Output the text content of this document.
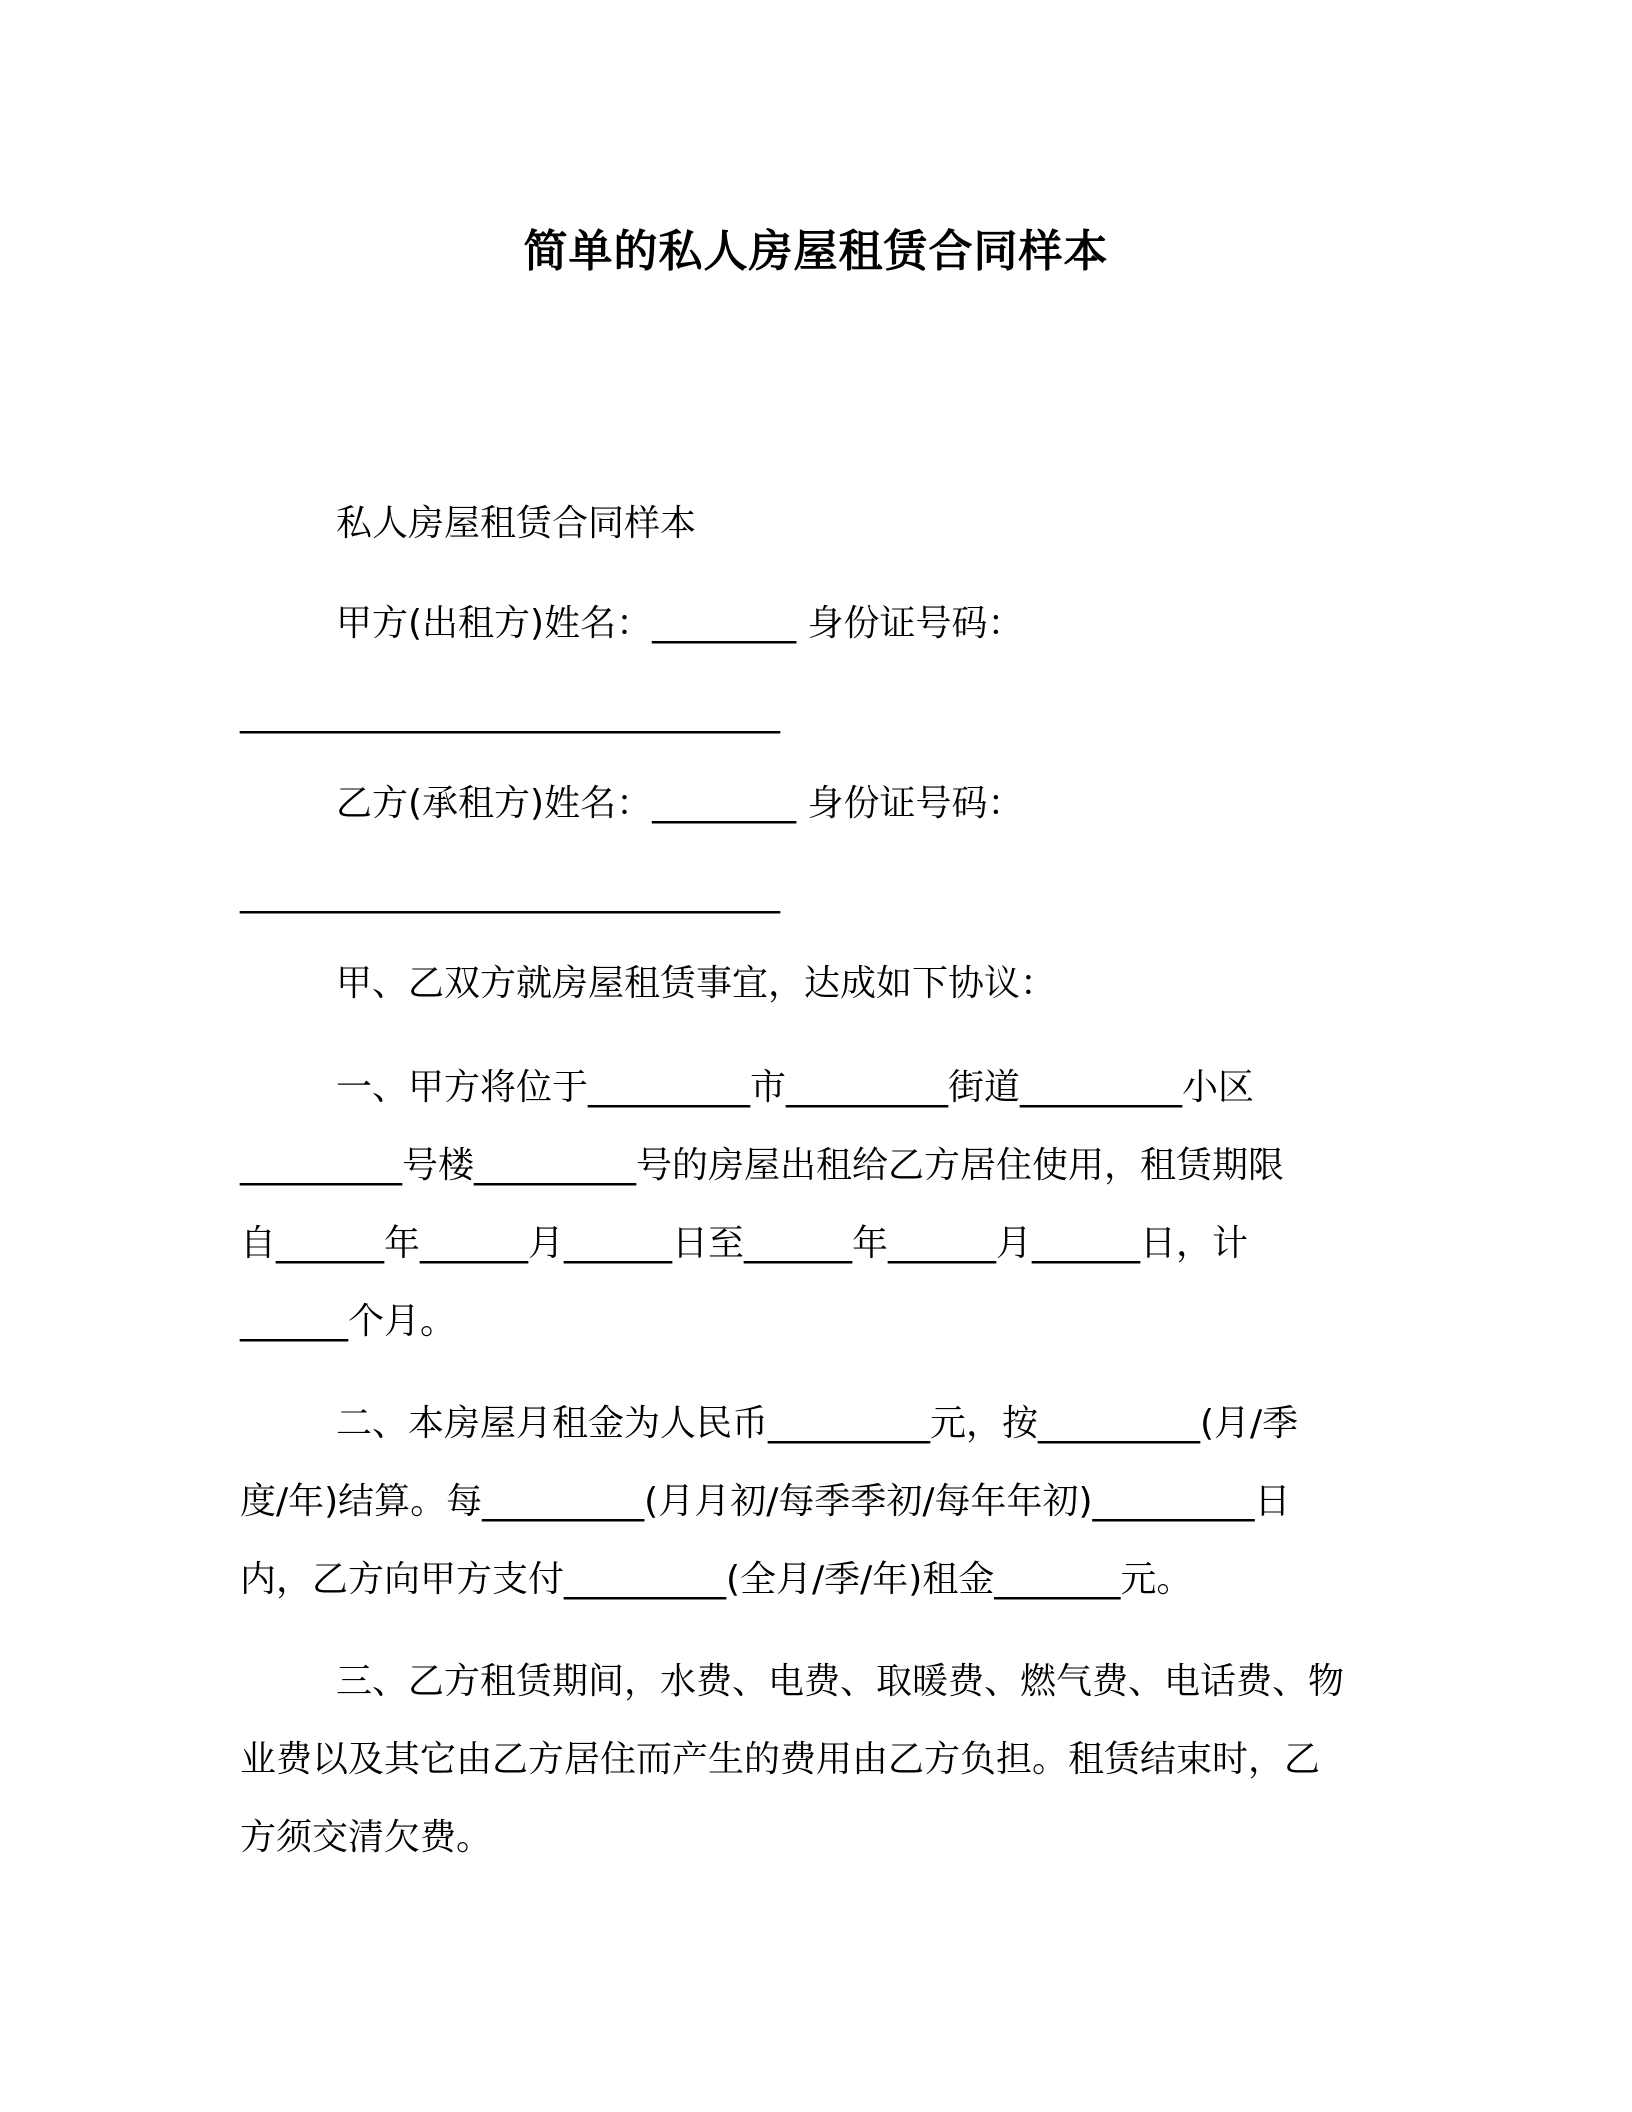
简单的私人房屋租赁合同样本
私人房屋租赁合同样本
甲方(出租方)姓名：________ 身份证号码：
______________________________
乙方(承租方)姓名：________ 身份证号码：
______________________________
甲、乙双方就房屋租赁事宜，达成如下协议：
一、甲方将位于_________市_________街道_________小区
_________号楼_________号的房屋出租给乙方居住使用，租赁期限
自______年______月______日至______年______月______日，计
______个月。
二、本房屋月租金为人民币_________元，按_________(月/季
度/年)结算。每_________(月月初/每季季初/每年年初)_________日
内，乙方向甲方支付_________(全月/季/年)租金_______元。
三、乙方租赁期间，水费、电费、取暖费、燃气费、电话费、物
业费以及其它由乙方居住而产生的费用由乙方负担。租赁结束时，乙
方须交清欠费。
